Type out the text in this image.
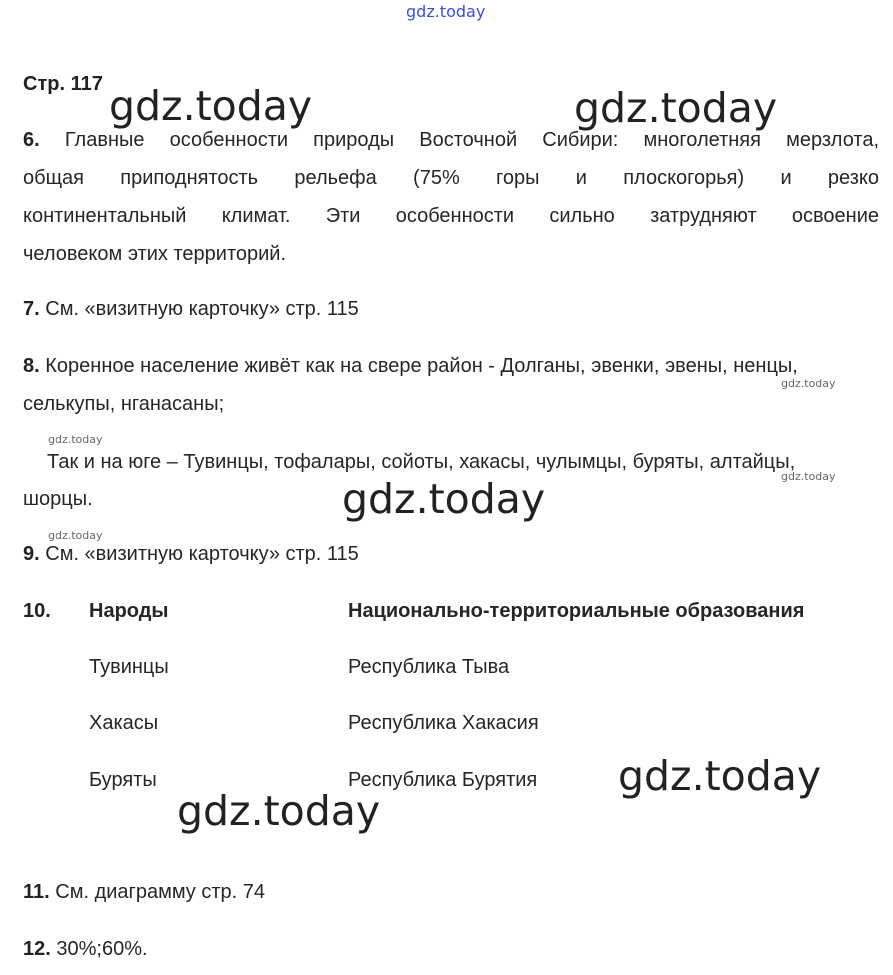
gdz.today
Стр. 117 gdz.today	gdz.today
gdz.today
gdz.today
gdz.today
6. Главные особенности природы Восточной Сибири: многолетняя мерзлота,
общая приподнятость рельефа (75% горы и плоскогорья) и резко
континентальный климат. Эти особенности сильно затрудняют освоение
человеком этих территорий.
7. См. «визитную карточку» стр. 115
8. Коренное население живёт как на свере район - Долганы, эвенки, эвены, ненцы,
gdz.today
селькупы, нганасаны;
gdz.today
Так и на юге – Тувинцы, тофалары, сойоты, хакасы, чулымцы, буряты, алтайцы,
gdz.today
шорцы.
gdz.today
9. См. «визитную карточку» стр. 115
10. Народы	Национально-территориальные образования
Тувинцы	Республика Тыва
Хакасы	Республика Хакасия
Буряты	Республика Бурятия
11. См. диаграмму стр. 74
12. 30%;60%.
